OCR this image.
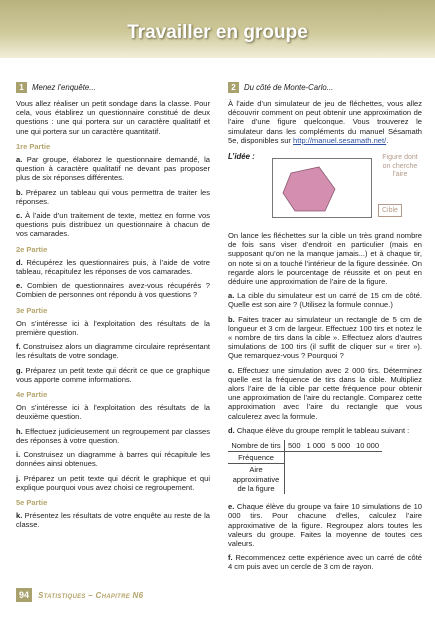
Travailler en groupe
1	Menez l’enquête...

Vous allez réaliser un petit sondage dans la classe. Pour cela, vous établirez un questionnaire constitué de deux questions : une qui portera sur un caractère qualitatif et une qui portera sur un caractère quantitatif.

1re Partie

a. Par groupe, élaborez le questionnaire demandé, la question à caractère qualitatif ne devant pas proposer plus de six réponses différentes.

b. Préparez un tableau qui vous permettra de traiter les réponses.

c. À l’aide d’un traitement de texte, mettez en forme vos questions puis distribuez un questionnaire à chacun de vos camarades.

2e Partie

d. Récupérez les questionnaires puis, à l’aide de votre tableau, récapitulez les réponses de vos camarades.

e. Combien de questionnaires avez-vous récupérés ? Combien de personnes ont répondu à vos questions ?

3e Partie

On s’intéresse ici à l’exploitation des résultats de la première question.

f. Construisez alors un diagramme circulaire représentant les résultats de votre sondage.

g. Préparez un petit texte qui décrit ce que ce graphique vous apporte comme informations.

4e Partie

On s’intéresse ici à l’exploitation des résultats de la deuxième question.

h. Effectuez judicieusement un regroupement par classes des réponses à votre question.

i. Construisez un diagramme à barres qui récapitule les données ainsi obtenues.

j. Préparez un petit texte qui décrit le graphique et qui explique pourquoi vous avez choisi ce regroupement.

5e Partie

k. Présentez les résultats de votre enquête au reste de la classe.

2	Du côté de Monte-Carlo...

À l’aide d’un simulateur de jeu de fléchettes, vous allez découvrir comment on peut obtenir une approximation de l’aire d’une figure quelconque. Vous trouverez le simulateur dans les compléments du manuel Sésamath 5e, disponibles sur http://manuel.sesamath.net/.

L’idée :	Figure dont on cherche l’aire
Cible

On lance les fléchettes sur la cible un très grand nombre de fois sans viser d’endroit en particulier (mais en supposant qu’on ne la manque jamais...) et à chaque tir, on note si on a touché l’intérieur de la figure dessinée. On regarde alors le pourcentage de réussite et on peut en déduire une approximation de l’aire de la figure.

a. La cible du simulateur est un carré de 15 cm de côté. Quelle est son aire ? (Utilisez la formule connue.)

b. Faites tracer au simulateur un rectangle de 5 cm de longueur et 3 cm de largeur. Effectuez 100 tirs et notez le « nombre de tirs dans la cible ». Effectuez alors d’autres simulations de 100 tirs (il suffit de cliquer sur « tirer »). Que remarquez-vous ? Pourquoi ?

c. Effectuez une simulation avec 2 000 tirs. Déterminez quelle est la fréquence de tirs dans la cible. Multipliez alors l’aire de la cible par cette fréquence pour obtenir une approximation de l’aire du rectangle. Comparez cette approximation avec l’aire du rectangle que vous calculerez avec la formule.

d. Chaque élève du groupe remplit le tableau suivant :

Nombre de tirs	500	1 000	5 000	10 000
Fréquence				
Aire approximative de la figure				

e. Chaque élève du groupe va faire 10 simulations de 10 000 tirs. Pour chacune d’elles, calculez l’aire approximative de la figure. Regroupez alors toutes les valeurs du groupe. Faites la moyenne de toutes ces valeurs.

f. Recommencez cette expérience avec un carré de côté 4 cm puis avec un cercle de 3 cm de rayon.

94	Statistiques – Chapitre N6
